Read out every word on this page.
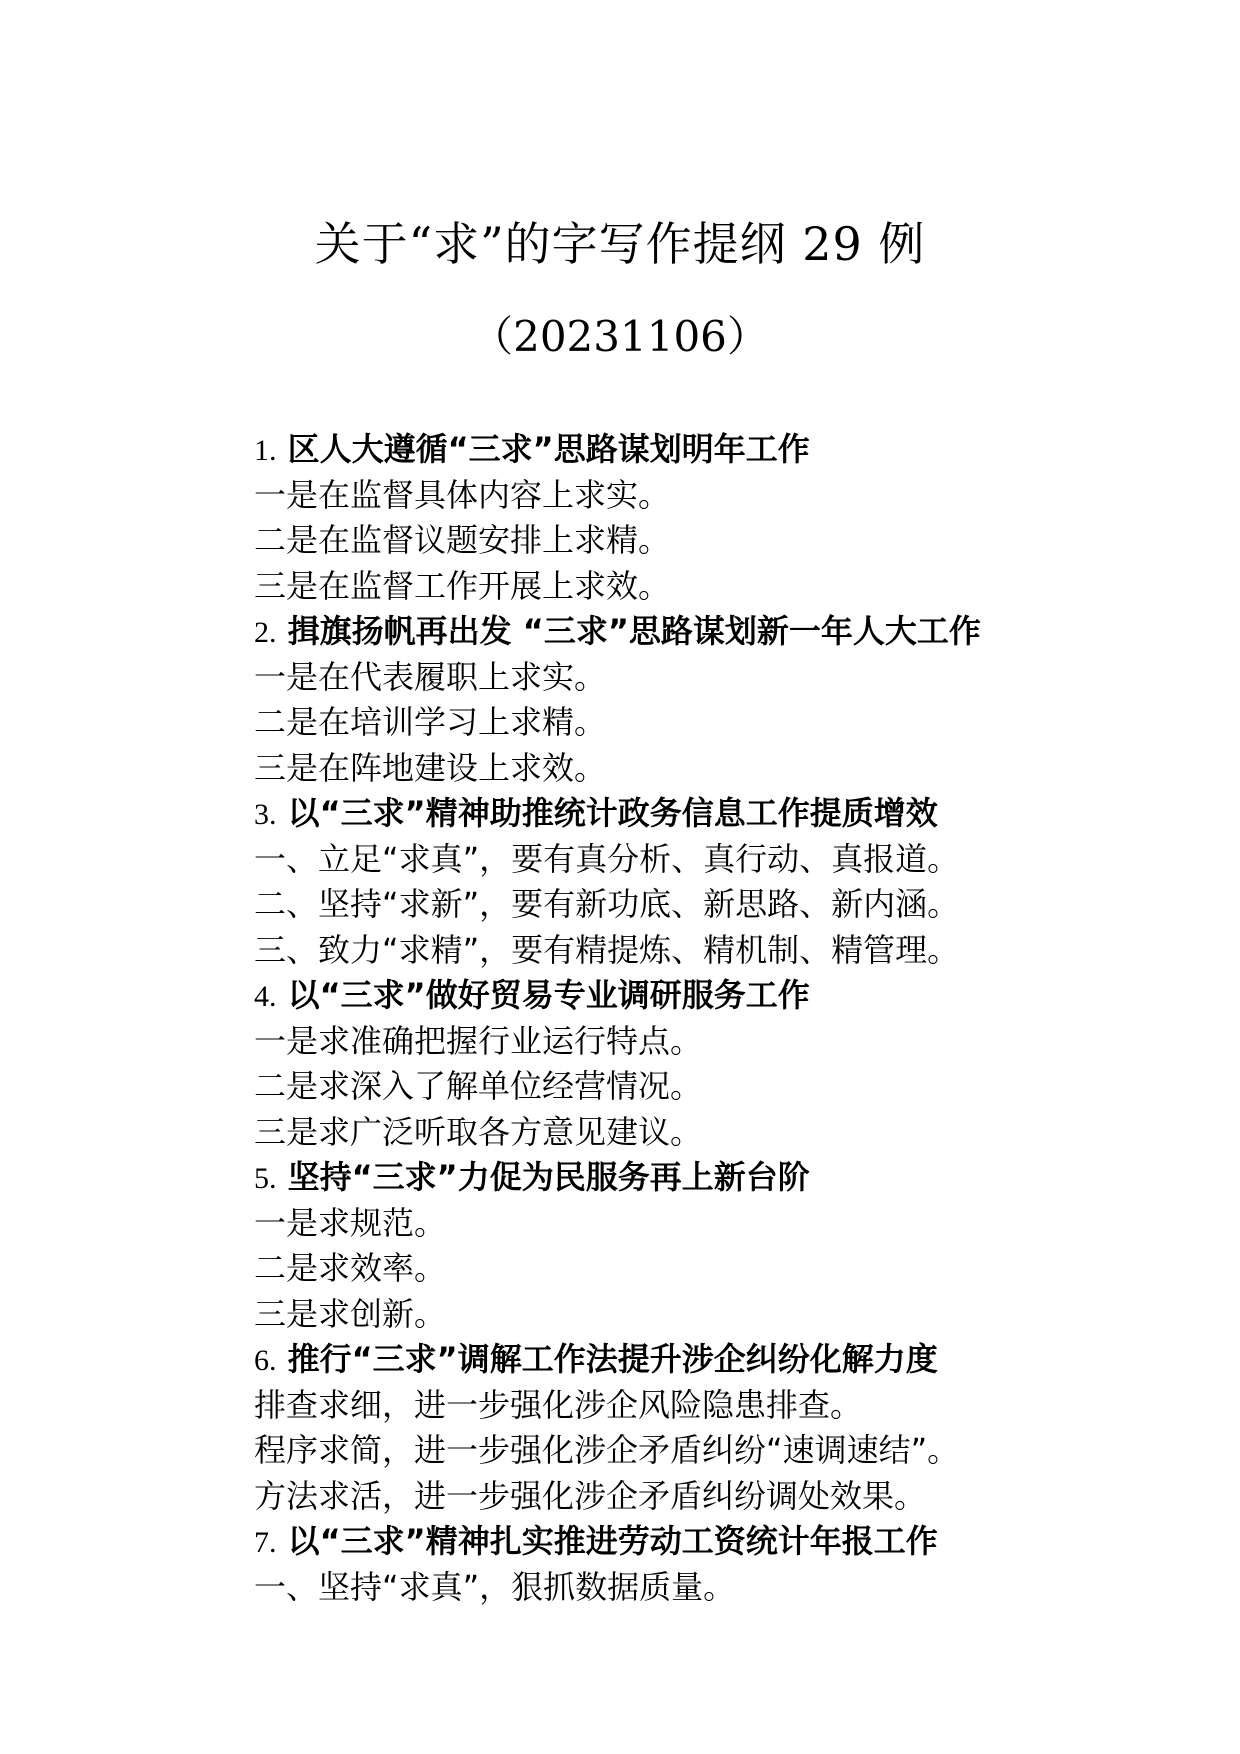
关于“求”的字写作提纲 29 例
（20231106）
1. 区人大遵循“三求”思路谋划明年工作
一是在监督具体内容上求实。
二是在监督议题安排上求精。
三是在监督工作开展上求效。
2. 揖旗扬帆再出发 “三求”思路谋划新一年人大工作
一是在代表履职上求实。
二是在培训学习上求精。
三是在阵地建设上求效。
3. 以“三求”精神助推统计政务信息工作提质增效
一、立足“求真”，要有真分析、真行动、真报道。
二、坚持“求新”，要有新功底、新思路、新内涵。
三、致力“求精”，要有精提炼、精机制、精管理。
4. 以“三求”做好贸易专业调研服务工作
一是求准确把握行业运行特点。
二是求深入了解单位经营情况。
三是求广泛听取各方意见建议。
5. 坚持“三求”力促为民服务再上新台阶
一是求规范。
二是求效率。
三是求创新。
6. 推行“三求”调解工作法提升涉企纠纷化解力度
排查求细，进一步强化涉企风险隐患排查。
程序求简，进一步强化涉企矛盾纠纷“速调速结”。
方法求活，进一步强化涉企矛盾纠纷调处效果。
7. 以“三求”精神扎实推进劳动工资统计年报工作
一、坚持“求真”，狠抓数据质量。
